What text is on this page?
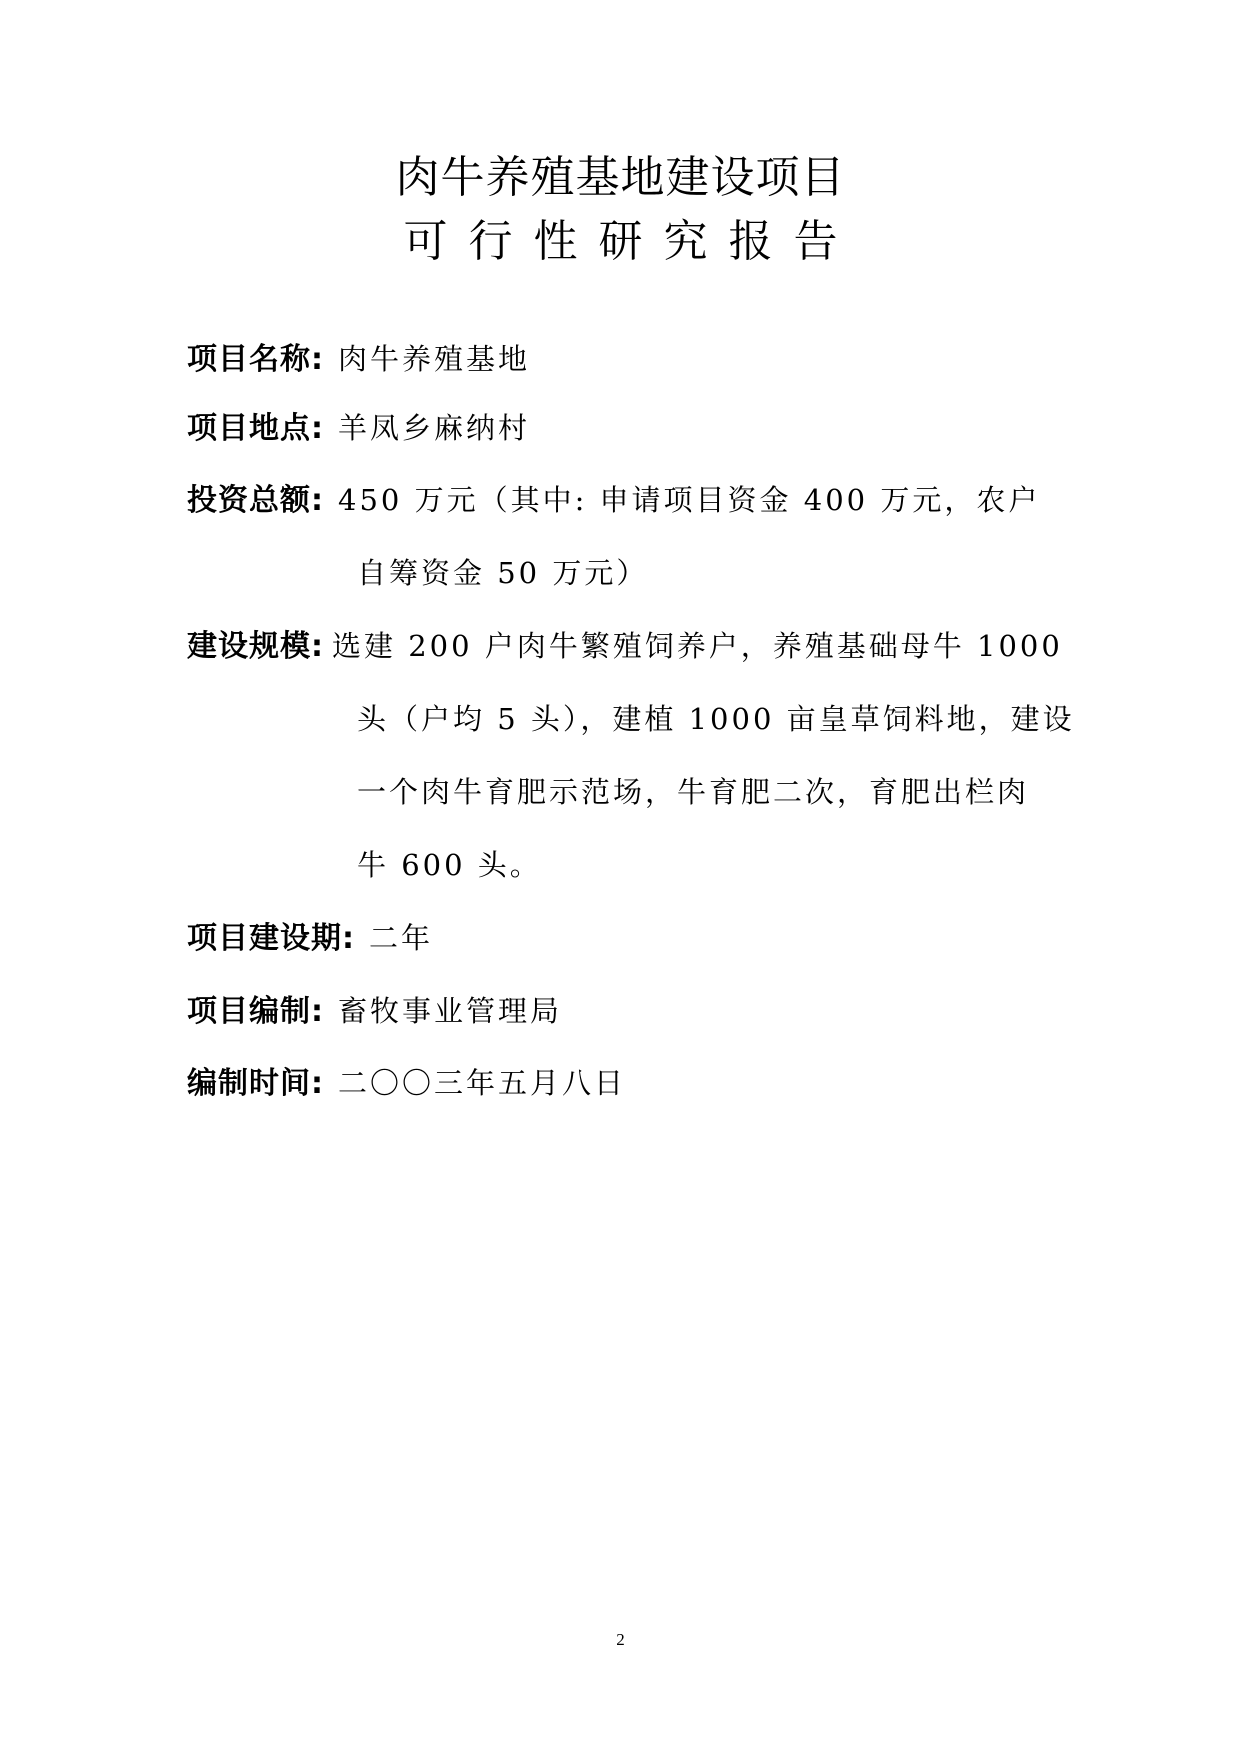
肉牛养殖基地建设项目
可行性研究报告
项目名称: 肉牛养殖基地
项目地点: 羊凤乡麻纳村
投资总额: 450 万元（其中: 申请项目资金 400 万元，农户
自筹资金 50 万元）
建设规模: 选建 200 户肉牛繁殖饲养户，养殖基础母牛 1000
头（户均 5 头），建植 1000 亩皇草饲料地，建设
一个肉牛育肥示范场，牛育肥二次，育肥出栏肉
牛 600 头。
项目建设期: 二年
项目编制: 畜牧事业管理局
编制时间: 二〇〇三年五月八日
2
